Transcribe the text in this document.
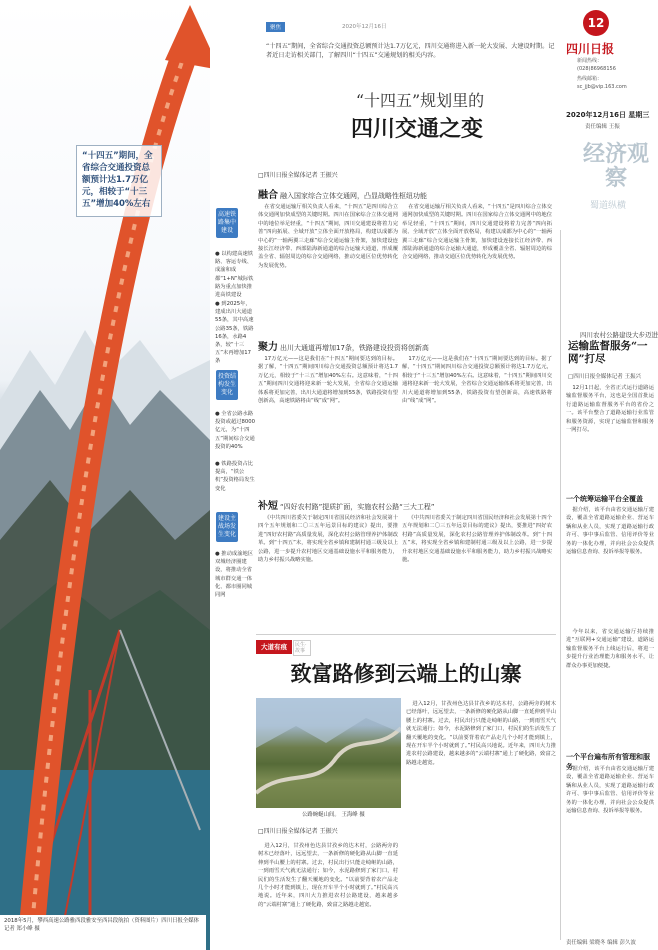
“十四五”期间，全省综合交通投资总额预计达1.7万亿元，相较于“十三五”增加40%左右
2018年5月，攀西高速公路雅西段雅安至西昌段航拍（资料图片）四川日报全媒体记者 郑小峰 摄
高速铁路集中建设
● 以构建高速铁路、客运专线、成渝和成都“1+N”城际铁路为重点加快推进高铁建设
● 到2025年，建成出川大通道55条，其中高速公路35条，铁路16条，水路4条，较“十三五”末再增加17条
投资结构发生变化
● 全省公路水路投资或超过8000亿元，为“十四五”期间综合交通投资的40%
● 铁路投资占比提高，“铁公机”投资格局发生变化
建设主战场发生变化
● 推动成渝地区双城经济圈建设，将推动全省城市群交通一体化、都市圈同城同网
聚焦	2020年12月16日
“十四五”期间，全省综合交通投资总额预计达1.7万亿元，四川交通将进入新一轮大发展、大建设时期。记者近日走访相关部门，了解四川“十四五”交通规划的相关内容。
“十四五”规划里的
四川交通之变
□四川日报全媒体记者 王振兴
融合 融入国家综合立体交通网，凸显战略性枢纽功能
在省交通运输厅相关负责人看来，“十四五”是四川综合立体交通网加快成型的关键时期。四川在国家综合立体交通网中的地位举足轻重，“十四五”期间，四川交通建设将着力完善“四向拓展、全域开放”立体全面开放格局，构建以成都为中心的“一轴两翼三走廊”综合交通运输主骨架，加快建设连接长江经济带、西部陆海新通道的综合运输大通道，形成覆盖全省、辐射周边的综合交通网络，推动交通区位优势转化为发展优势。
在省交通运输厅相关负责人看来，“十四五”是四川综合立体交通网加快成型的关键时期。四川在国家综合立体交通网中的地位举足轻重，“十四五”期间，四川交通建设将着力完善“四向拓展、全域开放”立体全面开放格局，构建以成都为中心的“一轴两翼三走廊”综合交通运输主骨架，加快建设连接长江经济带、西部陆海新通道的综合运输大通道，形成覆盖全省、辐射周边的综合交通网络，推动交通区位优势转化为发展优势。
聚力 出川大通道再增加17条，铁路建设投资将创新高
17万亿元——这是我们在“十四五”期间要达到的目标。据了解，“十四五”期间四川综合交通投资总额预计将达1.7万亿元，相较于“十三五”增加40%左右。这意味着，“十四五”期间四川交通将迎来新一轮大发展，全省综合交通运输体系将更加完善，出川大通道将增加到55条，铁路投资有望创新高，高速铁路将由“线”成“网”。
17万亿元——这是我们在“十四五”期间要达到的目标。据了解，“十四五”期间四川综合交通投资总额预计将达1.7万亿元，相较于“十三五”增加40%左右。这意味着，“十四五”期间四川交通将迎来新一轮大发展，全省综合交通运输体系将更加完善，出川大通道将增加到55条，铁路投资有望创新高，高速铁路将由“线”成“网”。
补短 “四好农村路”提质扩面，实施农村公路“三大工程”
《中共四川省委关于制定四川省国民经济和社会发展第十四个五年规划和二〇三五年远景目标的建议》提出，要推进“四好农村路”高质量发展，深化农村公路管理养护体制改革。到“十四五”末，将实现全省乡镇和建制村通三级及以上公路，进一步提升农村地区交通基础设施水平和服务能力，助力乡村振兴战略实施。
《中共四川省委关于制定四川省国民经济和社会发展第十四个五年规划和二〇三五年远景目标的建议》提出，要推进“四好农村路”高质量发展，深化农村公路管理养护体制改革。到“十四五”末，将实现全省乡镇和建制村通三级及以上公路，进一步提升农村地区交通基础设施水平和服务能力，助力乡村振兴战略实施。
大道有痕	民生·故事
致富路修到云端上的山寨
公路蜿蜒山间。 王海峰 摄
□四川日报全媒体记者 王振兴
进入12月，甘孜州色达县甘孜乡的达木村，公路两旁的树木已经落叶，远远望去，一条新修的硬化路从山脚一直延伸到半山腰上的村寨。过去，村民出行只能走崎岖的山路，一到雨雪天气就无法通行；如今，水泥路修到了家门口，村民们的生活发生了翻天覆地的变化。“以前要背着农产品走几个小时才能到镇上，现在开车半个小时就到了。”村民高兴地说。近年来，四川大力推进农村公路建设，越来越多的“云端村寨”通上了硬化路，致富之路越走越宽。
进入12月，甘孜州色达县甘孜乡的达木村，公路两旁的树木已经落叶，远远望去，一条新修的硬化路从山脚一直延伸到半山腰上的村寨。过去，村民出行只能走崎岖的山路，一到雨雪天气就无法通行；如今，水泥路修到了家门口，村民们的生活发生了翻天覆地的变化。“以前要背着农产品走几个小时才能到镇上，现在开车半个小时就到了。”村民高兴地说。近年来，四川大力推进农村公路建设，越来越多的“云端村寨”通上了硬化路，致富之路越走越宽。
12
四川日报
新闻热线：
(028)86968156
热线邮箱：
sc_jjb@vip.163.com
2020年12月16日 星期三
责任编辑 王振
经济观察
蜀道纵横
四川农村公路建设大步迈进
运输监督服务“一网”打尽
□四川日报全媒体记者 王振兴
12月1日起，全省正式运行道路运输监督服务平台，这也是全国首批运行道路运输监督服务平台的省份之一。该平台整合了道路运输行业监管和服务资源，实现了运输监督和服务一网打尽。
一个统筹运输平台全覆盖
据介绍，该平台由省交通运输厅建设，覆盖全省道路运输企业、营运车辆和从业人员，实现了道路运输行政许可、事中事后监管、信用评价等业务的一体化办理，并向社会公众提供运输信息查询、投诉举报等服务。
今年以来，省交通运输厅持续推进“互联网+交通运输”建设，道路运输监督服务平台上线运行后，将进一步提升行业治理能力和服务水平，让群众办事更加便捷。
一个平台遍布所有管理和服务 据介绍，该平台由省交通运输厅建设，覆盖全省道路运输企业、营运车辆和从业人员，实现了道路运输行政许可、事中事后监管、信用评价等业务的一体化办理，并向社会公众提供运输信息查询、投诉举报等服务。
责任编辑 梁晓冬 编辑 彭久波
